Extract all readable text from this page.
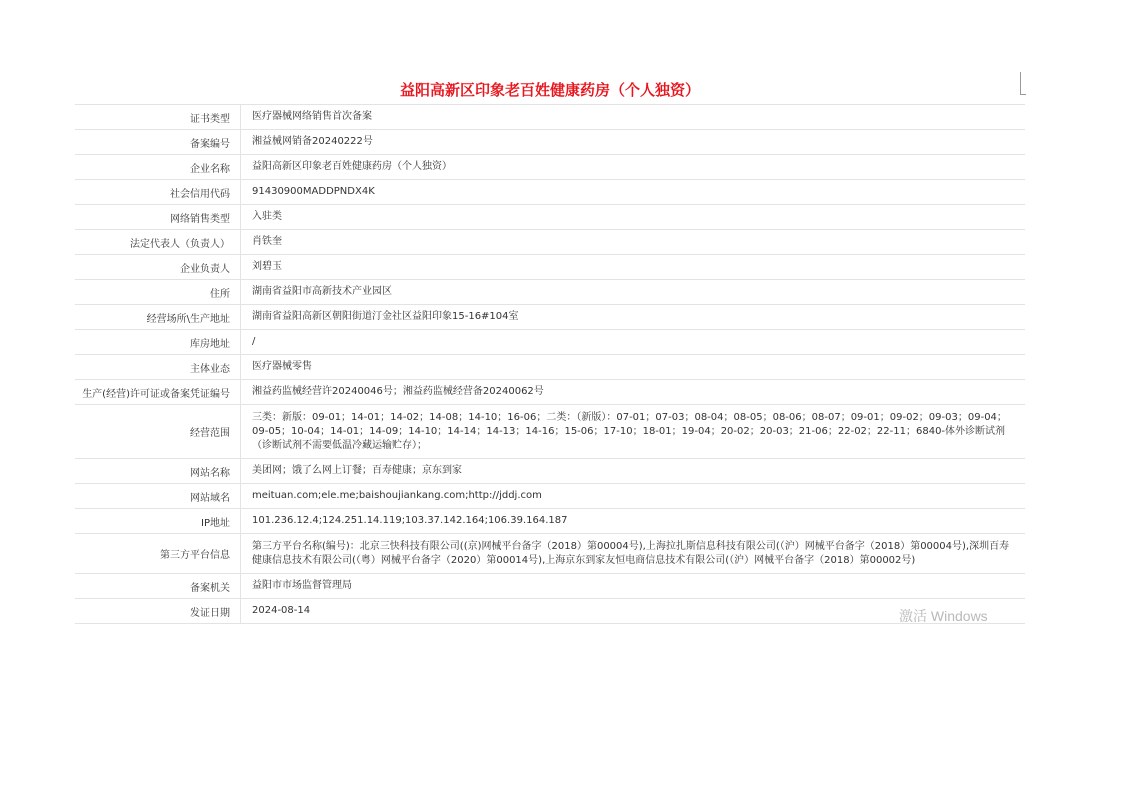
益阳高新区印象老百姓健康药房（个人独资）
证书类型	医疗器械网络销售首次备案
备案编号	湘益械网销备20240222号
企业名称	益阳高新区印象老百姓健康药房（个人独资）
社会信用代码	91430900MADDPNDX4K
网络销售类型	入驻类
法定代表人（负责人）	肖铁奎
企业负责人	刘碧玉
住所	湖南省益阳市高新技术产业园区
经营场所\生产地址	湖南省益阳高新区朝阳街道汀金社区益阳印象15-16#104室
库房地址	/
主体业态	医疗器械零售
生产(经营)许可证或备案凭证编号	湘益药监械经营许20240046号；湘益药监械经营备20240062号
经营范围	三类：新版：09-01；14-01；14-02；14-08；14-10；16-06；二类：（新版）：07-01；07-03；08-04；08-05；08-06；08-07；09-01；09-02；09-03；09-04；09-05；10-04；14-01；14-09；14-10；14-14；14-13；14-16；15-06；17-10；18-01；19-04；20-02；20-03；21-06；22-02；22-11；6840-体外诊断试剂（诊断试剂不需要低温冷藏运输贮存）；
网站名称	美团网；饿了么网上订餐；百寿健康；京东到家
网站域名	meituan.com;ele.me;baishoujiankang.com;http://jddj.com
IP地址	101.236.12.4;124.251.14.119;103.37.142.164;106.39.164.187
第三方平台信息	第三方平台名称(编号)：北京三快科技有限公司((京)网械平台备字（2018）第00004号),上海拉扎斯信息科技有限公司(（沪）网械平台备字（2018）第00004号),深圳百寿健康信息技术有限公司(（粤）网械平台备字（2020）第00014号),上海京东到家友恒电商信息技术有限公司(（沪）网械平台备字（2018）第00002号)
备案机关	益阳市市场监督管理局
发证日期	2024-08-14	激活 Windows
